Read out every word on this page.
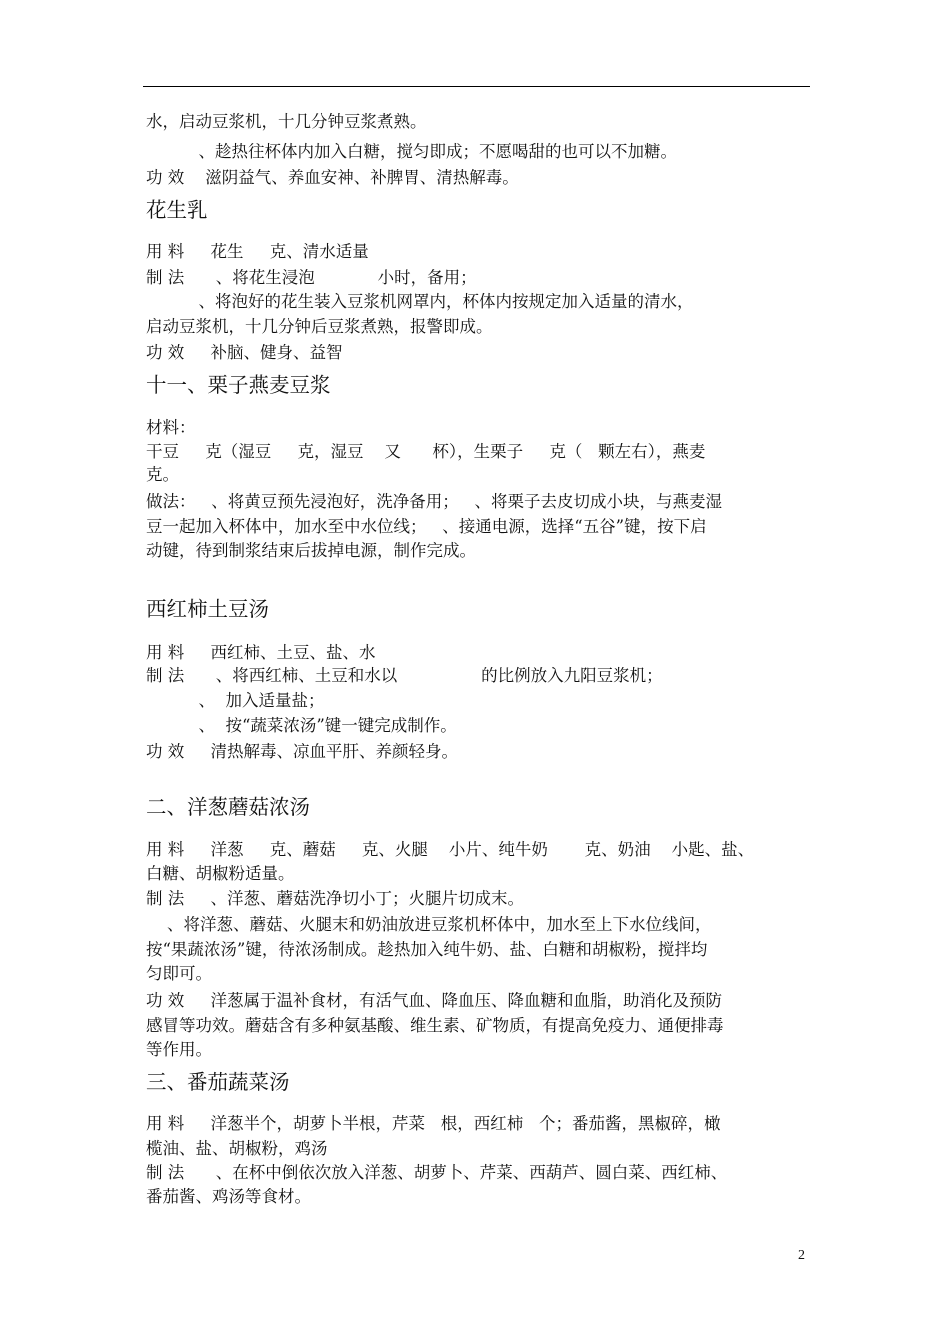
水，启动豆浆机，十几分钟豆浆煮熟。
、趁热往杯体内加入白糖，搅匀即成；不愿喝甜的也可以不加糖。
功 效    滋阴益气、养血安神、补脾胃、清热解毒。
花生乳
用 料     花生     克、清水适量
制 法      、将花生浸泡            小时，备用；
、将泡好的花生装入豆浆机网罩内，杯体内按规定加入适量的清水，
启动豆浆机，十几分钟后豆浆煮熟，报警即成。
功 效     补脑、健身、益智
十一、栗子燕麦豆浆
材料：
干豆     克（湿豆     克，湿豆    又      杯），生栗子     克（   颗左右），燕麦
克。
做法：   、将黄豆预先浸泡好，洗净备用；   、将栗子去皮切成小块，与燕麦湿
豆一起加入杯体中，加水至中水位线；   、接通电源，选择“五谷”键，按下启
动键，待到制浆结束后拔掉电源，制作完成。
西红柿土豆汤
用 料     西红柿、土豆、盐、水
制 法      、将西红柿、土豆和水以                的比例放入九阳豆浆机；
、  加入适量盐；
、  按“蔬菜浓汤”键一键完成制作。
功 效     清热解毒、凉血平肝、养颜轻身。
二、洋葱蘑菇浓汤
用 料     洋葱     克、蘑菇     克、火腿    小片、纯牛奶       克、奶油    小匙、盐、
白糖、胡椒粉适量。
制 法     、洋葱、蘑菇洗净切小丁；火腿片切成末。
、将洋葱、蘑菇、火腿末和奶油放进豆浆机杯体中，加水至上下水位线间，
按“果蔬浓汤”键，待浓汤制成。趁热加入纯牛奶、盐、白糖和胡椒粉，搅拌均
匀即可。
功 效     洋葱属于温补食材，有活气血、降血压、降血糖和血脂，助消化及预防
感冒等功效。蘑菇含有多种氨基酸、维生素、矿物质，有提高免疫力、通便排毒
等作用。
三、番茄蔬菜汤
用 料     洋葱半个，胡萝卜半根，芹菜   根，西红柿   个；番茄酱，黑椒碎，橄
榄油、盐、胡椒粉，鸡汤
制 法      、在杯中倒依次放入洋葱、胡萝卜、芹菜、西葫芦、圆白菜、西红柿、
番茄酱、鸡汤等食材。
2
